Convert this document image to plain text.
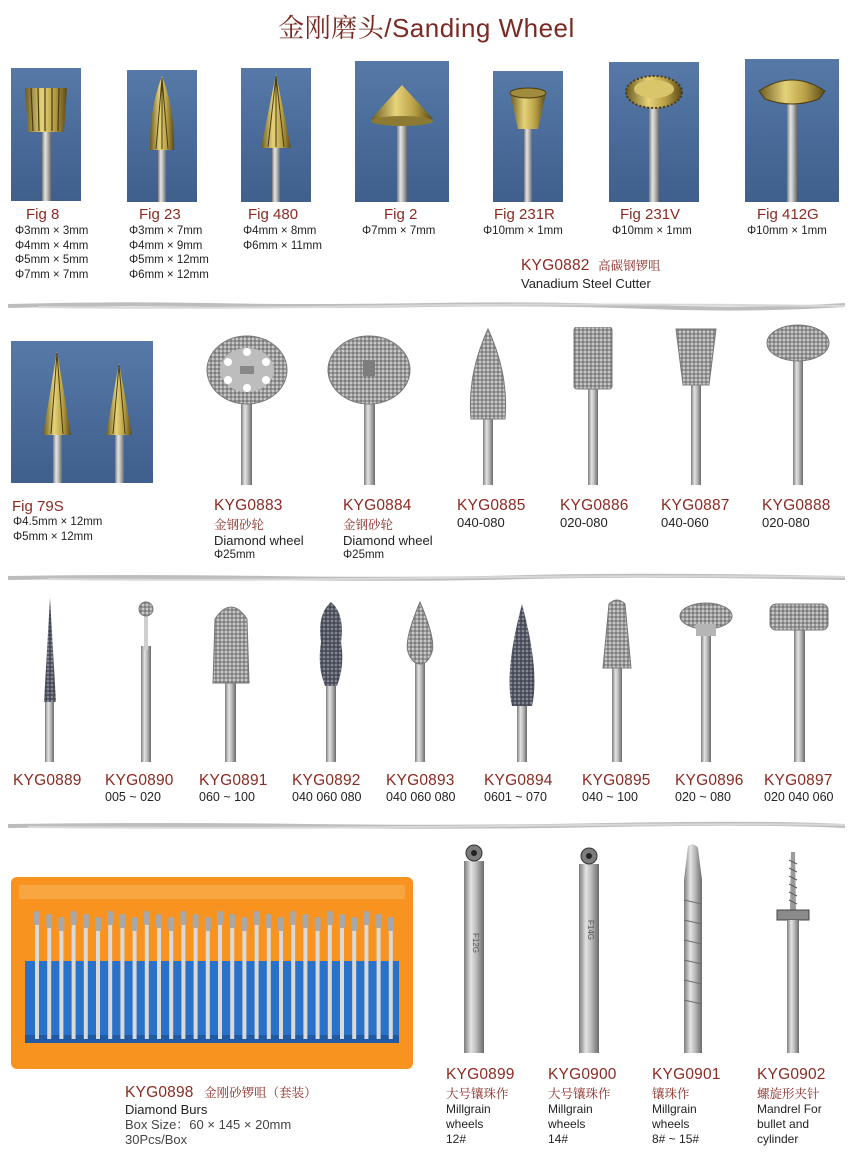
金刚磨头/Sanding Wheel
Fig 8
Φ3mm × 3mm
Φ4mm × 4mm
Φ5mm × 5mm
Φ7mm × 7mm
Fig 23
Φ3mm × 7mm
Φ4mm × 9mm
Φ5mm × 12mm
Φ6mm × 12mm
Fig 480
Φ4mm × 8mm
Φ6mm × 11mm
Fig 2
Φ7mm × 7mm
Fig 231R
Φ10mm × 1mm
Fig 231V
Φ10mm × 1mm
Fig 412G
Φ10mm × 1mm
KYG0882 高碳钢锣咀
Vanadium Steel Cutter
Fig 79S
Φ4.5mm × 12mm
Φ5mm × 12mm
KYG0883
金钢砂轮
Diamond wheel
Φ25mm
KYG0884
金钢砂轮
Diamond wheel
Φ25mm
KYG0885
040-080
KYG0886
020-080
KYG0887
040-060
KYG0888
020-080
KYG0889 KYG0890
005 ~ 020
KYG0891
060 ~ 100
KYG0892
040 060 080
KYG0893
040 060 080
KYG0894
0601 ~ 070
KYG0895
040 ~ 100
KYG0896
020 ~ 080
KYG0897
020 040 060
F12G
F14G
KYG0898 金刚砂锣咀（套装）
Diamond Burs
Box Size：60 × 145 × 20mm
30Pcs/Box
KYG0899
大号镶珠作
Millgrain
wheels
12#
KYG0900
大号镶珠作
Millgrain
wheels
14#
KYG0901
镶珠作
Millgrain
wheels
8# ~ 15#
KYG0902
螺旋形夹针
Mandrel For
bullet and
cylinder
